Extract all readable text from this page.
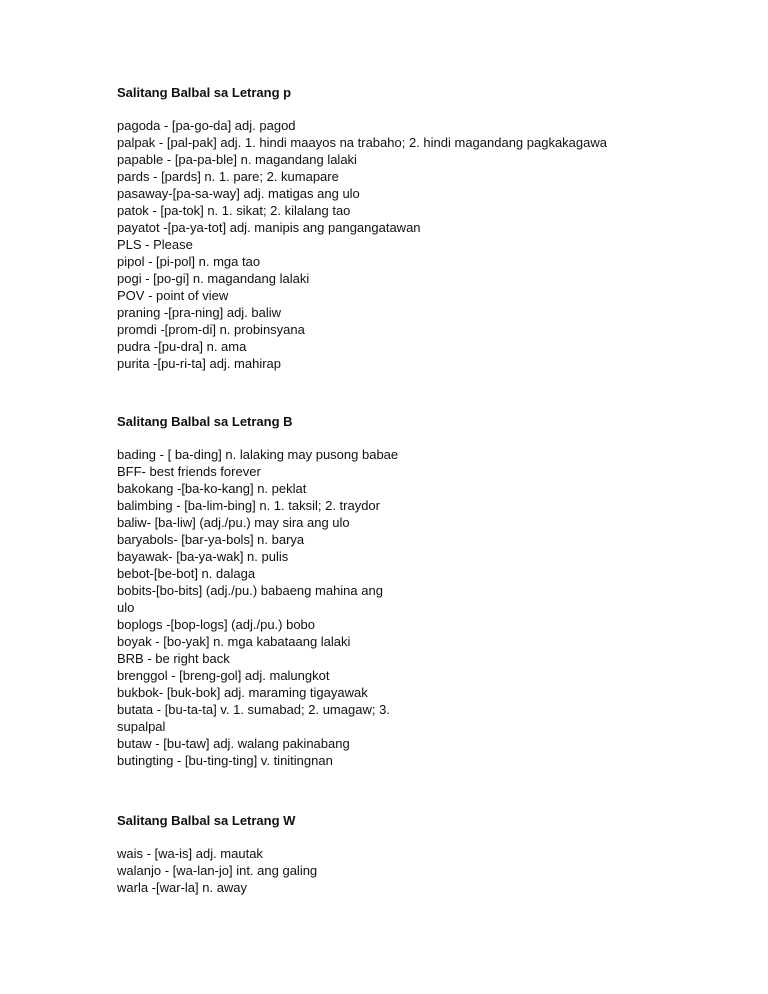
Salitang Balbal sa Letrang p
pagoda - [pa-go-da] adj. pagod
palpak - [pal-pak] adj. 1. hindi maayos na trabaho; 2. hindi magandang pagkakagawa
papable - [pa-pa-ble] n. magandang lalaki
pards - [pards] n. 1. pare; 2. kumapare
pasaway-[pa-sa-way] adj. matigas ang ulo
patok - [pa-tok] n. 1. sikat; 2. kilalang tao
payatot -[pa-ya-tot] adj. manipis ang pangangatawan
PLS - Please
pipol - [pi-pol] n. mga tao
pogi - [po-gi] n. magandang lalaki
POV - point of view
praning -[pra-ning] adj. baliw
promdi -[prom-di] n. probinsyana
pudra -[pu-dra] n. ama
purita -[pu-ri-ta] adj. mahirap
Salitang Balbal sa Letrang B
bading - [ ba-ding] n. lalaking may pusong babae
BFF- best friends forever
bakokang -[ba-ko-kang] n. peklat
balimbing - [ba-lim-bing] n. 1. taksil; 2. traydor
baliw- [ba-liw] (adj./pu.) may sira ang ulo
baryabols- [bar-ya-bols] n. barya
bayawak- [ba-ya-wak] n. pulis
bebot-[be-bot] n. dalaga
bobits-[bo-bits] (adj./pu.) babaeng mahina ang
ulo
boplogs -[bop-logs] (adj./pu.) bobo
boyak - [bo-yak] n. mga kabataang lalaki
BRB - be right back
brenggol - [breng-gol] adj. malungkot
bukbok- [buk-bok] adj. maraming tigayawak
butata - [bu-ta-ta] v. 1. sumabad; 2. umagaw; 3.
supalpal
butaw - [bu-taw] adj. walang pakinabang
butingting - [bu-ting-ting] v. tinitingnan
Salitang Balbal sa Letrang W
wais - [wa-is] adj. mautak
walanjo - [wa-lan-jo] int. ang galing
warla -[war-la] n. away
